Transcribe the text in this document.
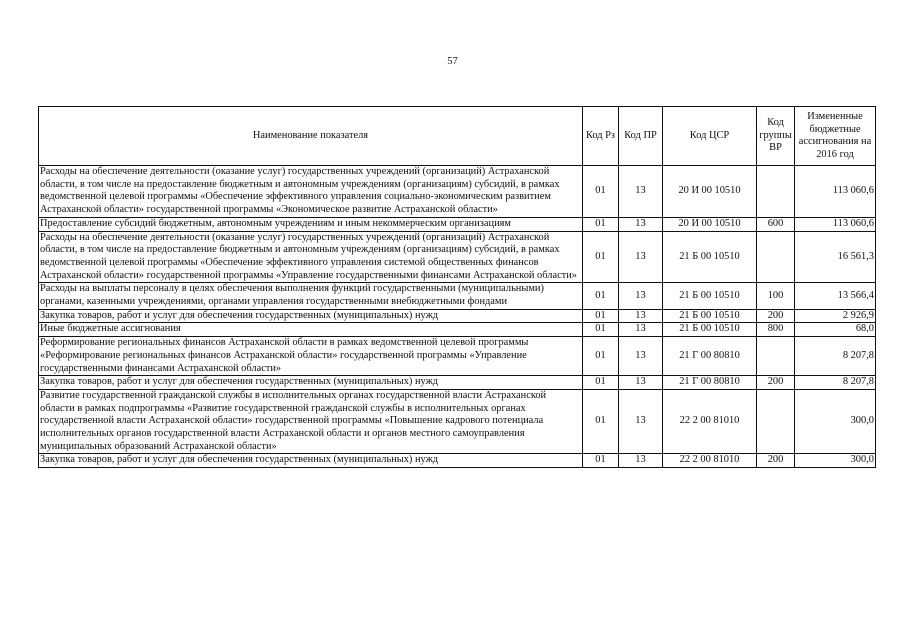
57
Наименование показателя	Код Рз	Код ПР	Код ЦСР	Код группы ВР	Измененные бюджетные ассигнования на 2016 год
Расходы на обеспечение деятельности (оказание услуг) государственных учреждений (организаций) Астраханской области, в том числе на предоставление бюджетным и автономным учреждениям (организациям) субсидий, в рамках ведомственной целевой программы «Обеспечение эффективного управления социально-экономическим развитием Астраханской области» государственной программы «Экономическое развитие Астраханской области»	01	13	20 И 00 10510		113 060,6
Предоставление субсидий бюджетным, автономным учреждениям и иным некоммерческим организациям	01	13	20 И 00 10510	600	113 060,6
Расходы на обеспечение деятельности (оказание услуг) государственных учреждений (организаций) Астраханской области, в том числе на предоставление бюджетным и автономным учреждениям (организациям) субсидий, в рамках ведомственной целевой программы «Обеспечение эффективного управления системой общественных финансов Астраханской области» государственной программы «Управление государственными финансами Астраханской области»	01	13	21 Б 00 10510		16 561,3
Расходы на выплаты персоналу в целях обеспечения выполнения функций государственными (муниципальными) органами, казенными учреждениями, органами управления государственными внебюджетными фондами	01	13	21 Б 00 10510	100	13 566,4
Закупка товаров, работ и услуг для обеспечения государственных (муниципальных) нужд	01	13	21 Б 00 10510	200	2 926,9
Иные бюджетные ассигнования	01	13	21 Б 00 10510	800	68,0
Реформирование региональных финансов Астраханской области в рамках ведомственной целевой программы «Реформирование региональных финансов Астраханской области» государственной программы «Управление государственными финансами Астраханской области»	01	13	21 Г 00 80810		8 207,8
Закупка товаров, работ и услуг для обеспечения государственных (муниципальных) нужд	01	13	21 Г 00 80810	200	8 207,8
Развитие государственной гражданской службы в исполнительных органах государственной власти Астраханской области в рамках подпрограммы «Развитие государственной гражданской службы в исполнительных органах государственной власти Астраханской области» государственной программы «Повышение кадрового потенциала исполнительных органов государственной власти Астраханской области и органов местного самоуправления муниципальных образований Астраханской области»	01	13	22 2 00 81010		300,0
Закупка товаров, работ и услуг для обеспечения государственных (муниципальных) нужд	01	13	22 2 00 81010	200	300,0
